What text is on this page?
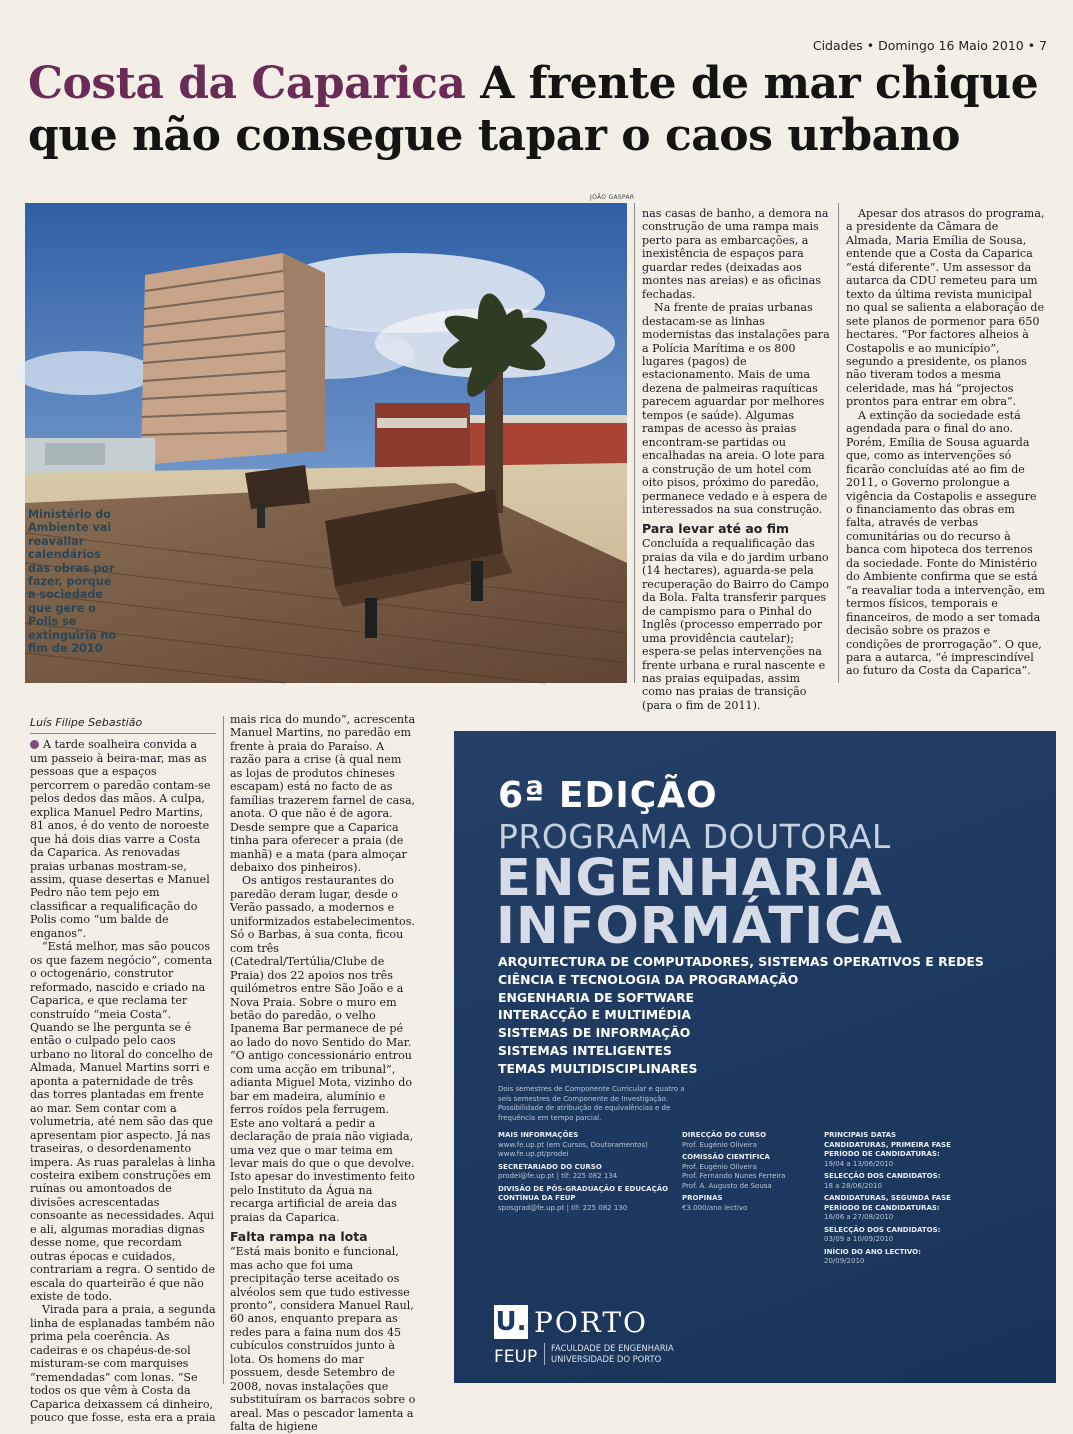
Cidades • Domingo 16 Maio 2010 • 7
Costa da Caparica A frente de mar chique
que não consegue tapar o caos urbano
JOÃO GASPAR
Ministério do Ambiente vai reavaliar calendários das obras por fazer, porque a sociedade que gere o Polis se extinguiria no fim de 2010

nas casas de banho, a demora na construção de uma rampa mais perto para as embarcações, a inexistência de espaços para guardar redes (deixadas aos montes nas areias) e as oficinas fechadas.

Na frente de praias urbanas destacam-se as linhas modernistas das instalações para a Polícia Marítima e os 800 lugares (pagos) de estacionamento. Mais de uma dezena de palmeiras raquíticas parecem aguardar por melhores tempos (e saúde). Algumas rampas de acesso às praias encontram-se partidas ou encalhadas na areia. O lote para a construção de um hotel com oito pisos, próximo do paredão, permanece vedado e à espera de interessados na sua construção.

Para levar até ao fim

Concluída a requalificação das praias da vila e do jardim urbano (14 hectares), aguarda-se pela recuperação do Bairro do Campo da Bola. Falta transferir parques de campismo para o Pinhal do Inglês (processo emperrado por uma providência cautelar); espera-se pelas intervenções na frente urbana e rural nascente e nas praias equipadas, assim como nas praias de transição (para o fim de 2011).

Apesar dos atrasos do programa, a presidente da Câmara de Almada, Maria Emília de Sousa, entende que a Costa da Caparica “está diferente”. Um assessor da autarca da CDU remeteu para um texto da última revista municipal no qual se salienta a elaboração de sete planos de pormenor para 650 hectares. “Por factores alheios à Costapolis e ao município”, segundo a presidente, os planos não tiveram todos a mesma celeridade, mas há “projectos prontos para entrar em obra”.

A extinção da sociedade está agendada para o final do ano. Porém, Emília de Sousa aguarda que, como as intervenções só ficarão concluídas até ao fim de 2011, o Governo prolongue a vigência da Costapolis e assegure o financiamento das obras em falta, através de verbas comunitárias ou do recurso à banca com hipoteca dos terrenos da sociedade. Fonte do Ministério do Ambiente confirma que se está “a reavaliar toda a intervenção, em termos físicos, temporais e financeiros, de modo a ser tomada decisão sobre os prazos e condições de prorrogação”. O que, para a autarca, “é imprescindível ao futuro da Costa da Caparica”.

Luís Filipe Sebastião

A tarde soalheira convida a um passeio à beira-mar, mas as pessoas que a espaços percorrem o paredão contam-se pelos dedos das mãos. A culpa, explica Manuel Pedro Martins, 81 anos, é do vento de noroeste que há dois dias varre a Costa da Caparica. As renovadas praias urbanas mostram-se, assim, quase desertas e Manuel Pedro não tem pejo em classificar a requalificação do Polis como “um balde de enganos”.

“Está melhor, mas são poucos os que fazem negócio”, comenta o octogenário, construtor reformado, nascido e criado na Caparica, e que reclama ter construído “meia Costa”. Quando se lhe pergunta se é então o culpado pelo caos urbano no litoral do concelho de Almada, Manuel Martins sorri e aponta a paternidade de três das torres plantadas em frente ao mar. Sem contar com a volumetria, até nem são das que apresentam pior aspecto. Já nas traseiras, o desordenamento impera. As ruas paralelas à linha costeira exibem construções em ruínas ou amontoados de divisões acrescentadas consoante as necessidades. Aqui e ali, algumas moradias dignas desse nome, que recordam outras épocas e cuidados, contrariam a regra. O sentido de escala do quarteirão é que não existe de todo.

Virada para a praia, a segunda linha de esplanadas também não prima pela coerência. As cadeiras e os chapéus-de-sol misturam-se com marquises “remendadas” com lonas. “Se todos os que vêm à Costa da Caparica deixassem cá dinheiro, pouco que fosse, esta era a praia

mais rica do mundo”, acrescenta Manuel Martins, no paredão em frente à praia do Paraíso. A razão para a crise (à qual nem as lojas de produtos chineses escapam) está no facto de as famílias trazerem farnel de casa, anota. O que não é de agora. Desde sempre que a Caparica tinha para oferecer a praia (de manhã) e a mata (para almoçar debaixo dos pinheiros).

Os antigos restaurantes do paredão deram lugar, desde o Verão passado, a modernos e uniformizados estabelecimentos. Só o Barbas, à sua conta, ficou com três (Catedral/Tertúlia/Clube de Praia) dos 22 apoios nos três quilómetros entre São João e a Nova Praia. Sobre o muro em betão do paredão, o velho Ipanema Bar permanece de pé ao lado do novo Sentido do Mar. “O antigo concessionário entrou com uma acção em tribunal”, adianta Miguel Mota, vizinho do bar em madeira, alumínio e ferros roídos pela ferrugem. Este ano voltará a pedir a declaração de praia não vigiada, uma vez que o mar teima em levar mais do que o que devolve. Isto apesar do investimento feito pelo Instituto da Água na recarga artificial de areia das praias da Caparica.

Falta rampa na lota

“Está mais bonito e funcional, mas acho que foi uma precipitação terse aceitado os alvéolos sem que tudo estivesse pronto”, considera Manuel Raul, 60 anos, enquanto prepara as redes para a faina num dos 45 cubículos construídos junto à lota. Os homens do mar possuem, desde Setembro de 2008, novas instalações que substituíram os barracos sobre o areal. Mas o pescador lamenta a falta de higiene

6ª EDIÇÃO
PROGRAMA DOUTORAL
ENGENHARIA
INFORMÁTICA
ARQUITECTURA DE COMPUTADORES, SISTEMAS OPERATIVOS E REDES
CIÊNCIA E TECNOLOGIA DA PROGRAMAÇÃO
ENGENHARIA DE SOFTWARE
INTERACÇÃO E MULTIMÉDIA
SISTEMAS DE INFORMAÇÃO
SISTEMAS INTELIGENTES
TEMAS MULTIDISCIPLINARES
Dois semestres de Componente Curricular e quatro a seis semestres de Componente de Investigação. Possibilidade de atribuição de equivalências e de frequência em tempo parcial.
MAIS INFORMAÇÕES
www.fe.up.pt (em Cursos, Doutoramentos) www.fe.up.pt/prodei
SECRETARIADO DO CURSO
prodei@fe.up.pt | tlf: 225 082 134
DIVISÃO DE PÓS-GRADUAÇÃO E EDUCAÇÃO CONTÍNUA DA FEUP
sposgrad@fe.up.pt | tlf: 225 082 130
DIRECÇÃO DO CURSO
Prof. Eugénio Oliveira
COMISSÃO CIENTÍFICA
Prof. Eugénio Oliveira
Prof. Fernando Nunes Ferreira
Prof. A. Augusto de Sousa
PROPINAS
€3.000/ano lectivo
PRINCIPAIS DATAS
CANDIDATURAS, PRIMEIRA FASE PERÍODO DE CANDIDATURAS:
19/04 a 13/06/2010
SELECÇÃO DOS CANDIDATOS:
18 a 28/06/2010
CANDIDATURAS, SEGUNDA FASE PERÍODO DE CANDIDATURAS:
16/06 a 27/08/2010
SELECÇÃO DOS CANDIDATOS:
03/09 a 10/09/2010
INÍCIO DO ANO LECTIVO:
20/09/2010
U. PORTO
FEUP FACULDADE DE ENGENHARIA
UNIVERSIDADE DO PORTO
